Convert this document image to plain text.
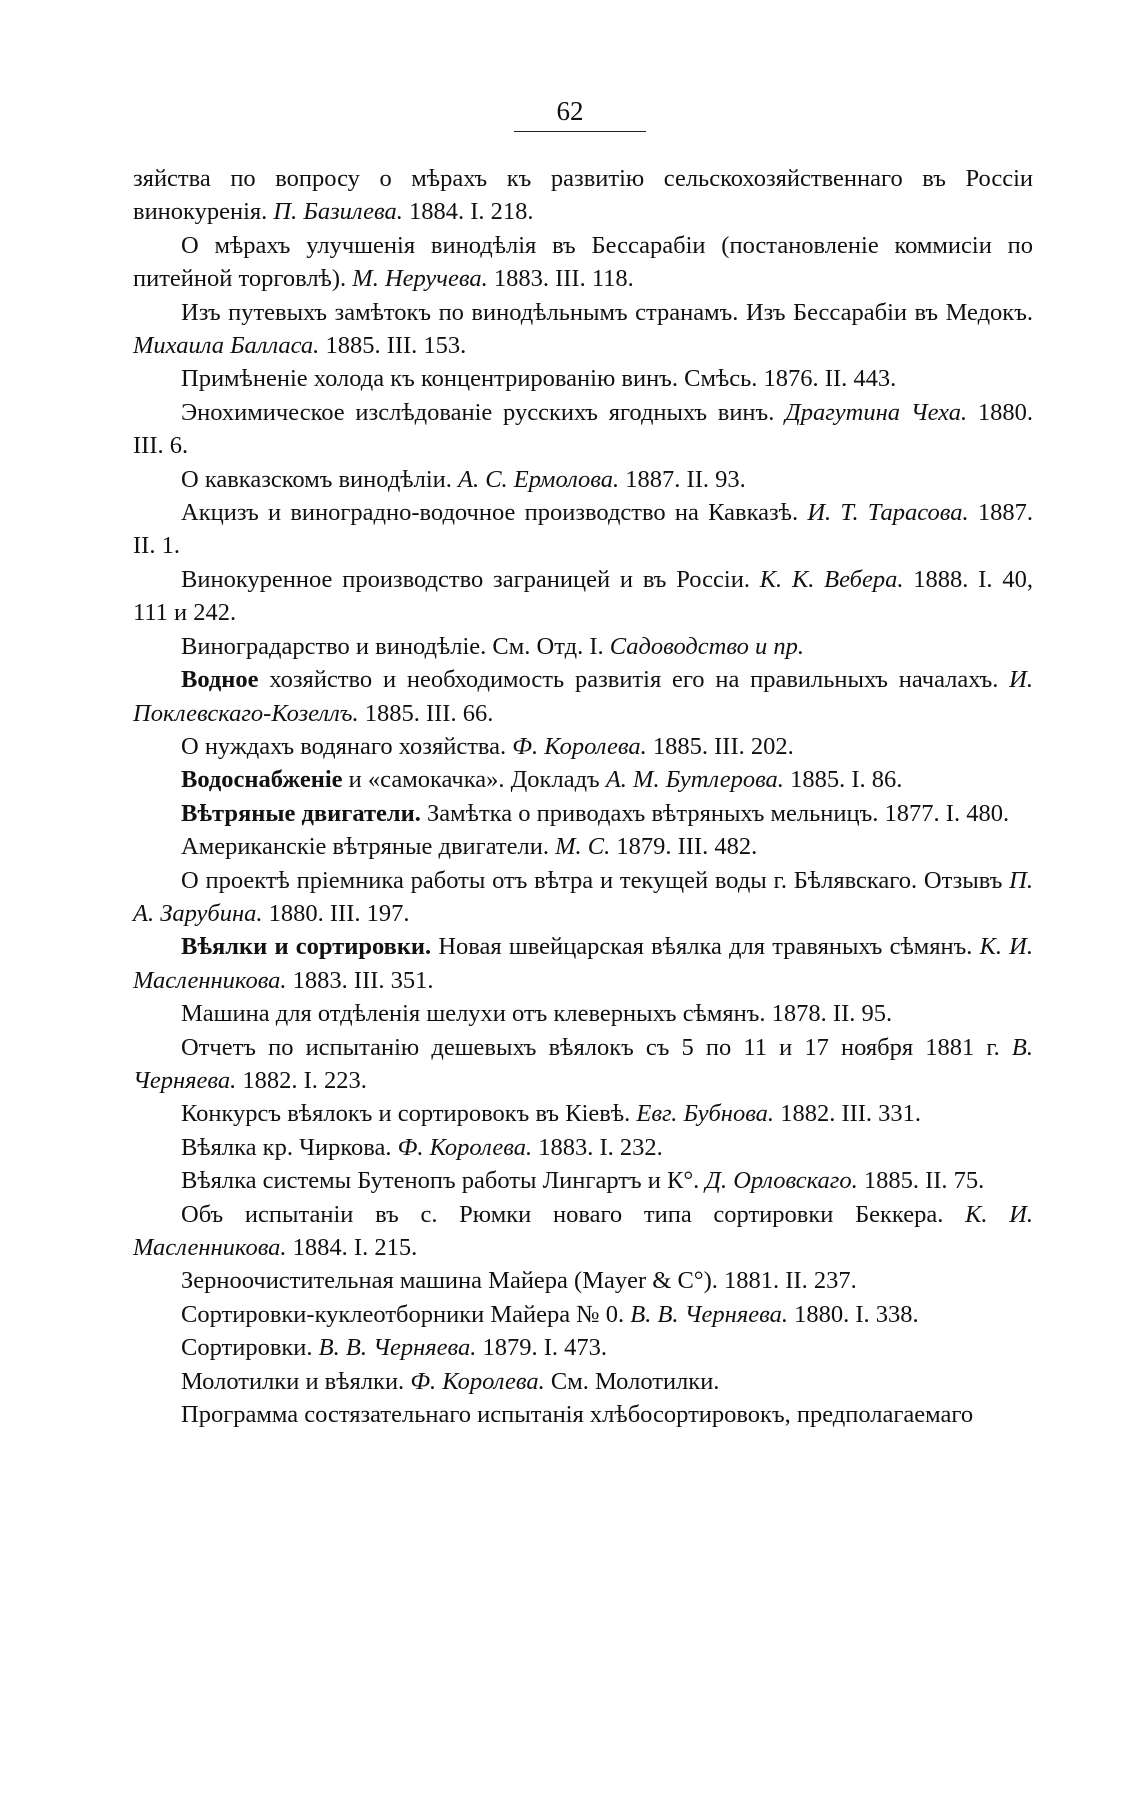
62

зяйства по вопросу о мѣрахъ къ развитію сельскохозяйственнаго въ Россіи винокуренія. П. Базилева. 1884. I. 218.

О мѣрахъ улучшенія винодѣлія въ Бессарабіи (постановленіе коммисіи по питейной торговлѣ). М. Неручева. 1883. III. 118.

Изъ путевыхъ замѣтокъ по винодѣльнымъ странамъ. Изъ Бессарабіи въ Медокъ. Михаила Балласа. 1885. III. 153.

Примѣненіе холода къ концентрированію винъ. Смѣсь. 1876. II. 443.

Энохимическое изслѣдованіе русскихъ ягодныхъ винъ. Драгутина Чеха. 1880. III. 6.

О кавказскомъ винодѣліи. А. С. Ермолова. 1887. II. 93.

Акцизъ и виноградно-водочное производство на Кавказѣ. И. Т. Тарасова. 1887. II. 1.

Винокуренное производство заграницей и въ Россіи. К. К. Вебера. 1888. I. 40, 111 и 242.

Виноградарство и винодѣліе. См. Отд. I. Садоводство и пр.

Водное хозяйство и необходимость развитія его на правильныхъ началахъ. И. Поклевскаго-Козеллъ. 1885. III. 66.

О нуждахъ водянаго хозяйства. Ф. Королева. 1885. III. 202.

Водоснабженіе и «самокачка». Докладъ А. М. Бутлерова. 1885. I. 86.

Вѣтряные двигатели. Замѣтка о приводахъ вѣтряныхъ мельницъ. 1877. I. 480.

Американскіе вѣтряные двигатели. М. С. 1879. III. 482.

О проектѣ пріемника работы отъ вѣтра и текущей воды г. Бѣлявскаго. Отзывъ П. А. Зарубина. 1880. III. 197.

Вѣялки и сортировки. Новая швейцарская вѣялка для травяныхъ сѣмянъ. К. И. Масленникова. 1883. III. 351.

Машина для отдѣленія шелухи отъ клеверныхъ сѣмянъ. 1878. II. 95.

Отчетъ по испытанію дешевыхъ вѣялокъ съ 5 по 11 и 17 ноября 1881 г. В. Черняева. 1882. I. 223.

Конкурсъ вѣялокъ и сортировокъ въ Кіевѣ. Евг. Бубнова. 1882. III. 331.

Вѣялка кр. Чиркова. Ф. Королева. 1883. I. 232.

Вѣялка системы Бутенопъ работы Лингартъ и К°. Д. Орловскаго. 1885. II. 75.

Объ испытаніи въ с. Рюмки новаго типа сортировки Беккера. К. И. Масленникова. 1884. I. 215.

Зерноочистительная машина Майера (Mayer & C°). 1881. II. 237.

Сортировки-куклеотборники Майера № 0. В. В. Черняева. 1880. I. 338.

Сортировки. В. В. Черняева. 1879. I. 473.

Молотилки и вѣялки. Ф. Королева. См. Молотилки.

Программа состязательнаго испытанія хлѣбосортировокъ, предполагаемаго
